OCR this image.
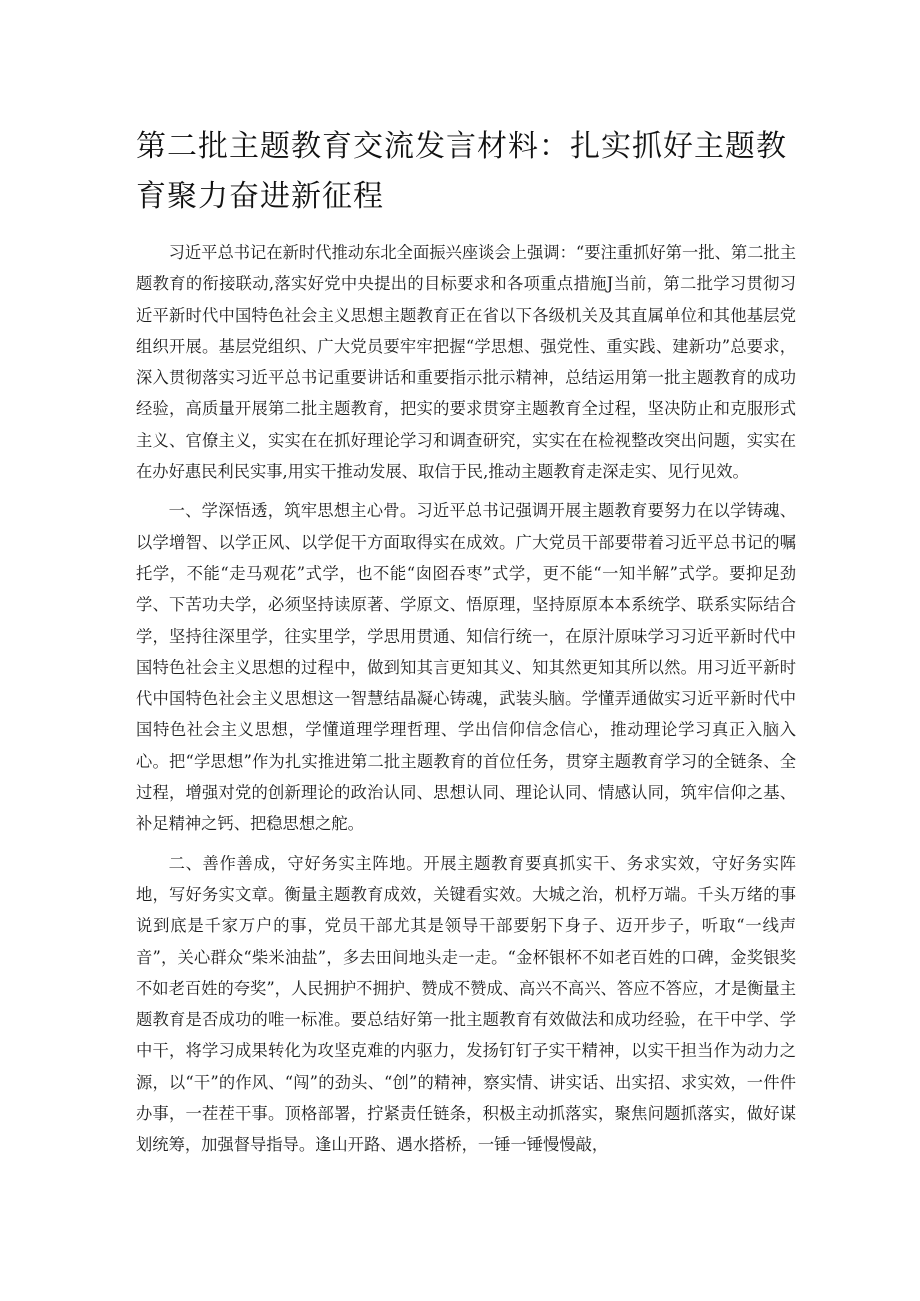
第二批主题教育交流发言材料：扎实抓好主题教育聚力奋进新征程

习近平总书记在新时代推动东北全面振兴座谈会上强调：“要注重抓好第一批、第二批主题教育的衔接联动,落实好党中央提出的目标要求和各项重点措施J当前，第二批学习贯彻习近平新时代中国特色社会主义思想主题教育正在省以下各级机关及其直属单位和其他基层党组织开展。基层党组织、广大党员要牢牢把握“学思想、强党性、重实践、建新功”总要求，深入贯彻落实习近平总书记重要讲话和重要指示批示精神，总结运用第一批主题教育的成功经验，高质量开展第二批主题教育，把实的要求贯穿主题教育全过程，坚决防止和克服形式主义、官僚主义，实实在在抓好理论学习和调查研究，实实在在检视整改突出问题，实实在在办好惠民利民实事,用实干推动发展、取信于民,推动主题教育走深走实、见行见效。

一、学深悟透，筑牢思想主心骨。习近平总书记强调开展主题教育要努力在以学铸魂、以学增智、以学正风、以学促干方面取得实在成效。广大党员干部要带着习近平总书记的嘱托学，不能“走马观花”式学，也不能“囱囵吞枣”式学，更不能“一知半解”式学。要抑足劲学、下苦功夫学，必须坚持读原著、学原文、悟原理，坚持原原本本系统学、联系实际结合学，坚持往深里学，往实里学，学思用贯通、知信行统一，在原汁原味学习习近平新时代中国特色社会主义思想的过程中，做到知其言更知其义、知其然更知其所以然。用习近平新时代中国特色社会主义思想这一智慧结晶凝心铸魂，武装头脑。学懂弄通做实习近平新时代中国特色社会主义思想，学懂道理学理哲理、学出信仰信念信心，推动理论学习真正入脑入心。把“学思想”作为扎实推进第二批主题教育的首位任务，贯穿主题教育学习的全链条、全过程，增强对党的创新理论的政治认同、思想认同、理论认同、情感认同，筑牢信仰之基、补足精神之钙、把稳思想之舵。

二、善作善成，守好务实主阵地。开展主题教育要真抓实干、务求实效，守好务实阵地，写好务实文章。衡量主题教育成效，关键看实效。大城之治，机杼万端。千头万绪的事说到底是千家万户的事，党员干部尤其是领导干部要躬下身子、迈开步子，听取“一线声音”，关心群众“柴米油盐”，多去田间地头走一走。“金杯银杯不如老百姓的口碑，金奖银奖不如老百姓的夸奖”，人民拥护不拥护、赞成不赞成、高兴不高兴、答应不答应，才是衡量主题教育是否成功的唯一标准。要总结好第一批主题教育有效做法和成功经验，在干中学、学中干，将学习成果转化为攻坚克难的内驱力，发扬钉钉子实干精神，以实干担当作为动力之源，以“干”的作风、“闯”的劲头、“创”的精神，察实情、讲实话、出实招、求实效，一件件办事，一茬茬干事。顶格部署，拧紧责任链条，积极主动抓落实，聚焦问题抓落实，做好谋划统筹，加强督导指导。逢山开路、遇水搭桥，一锤一锤慢慢敲，
